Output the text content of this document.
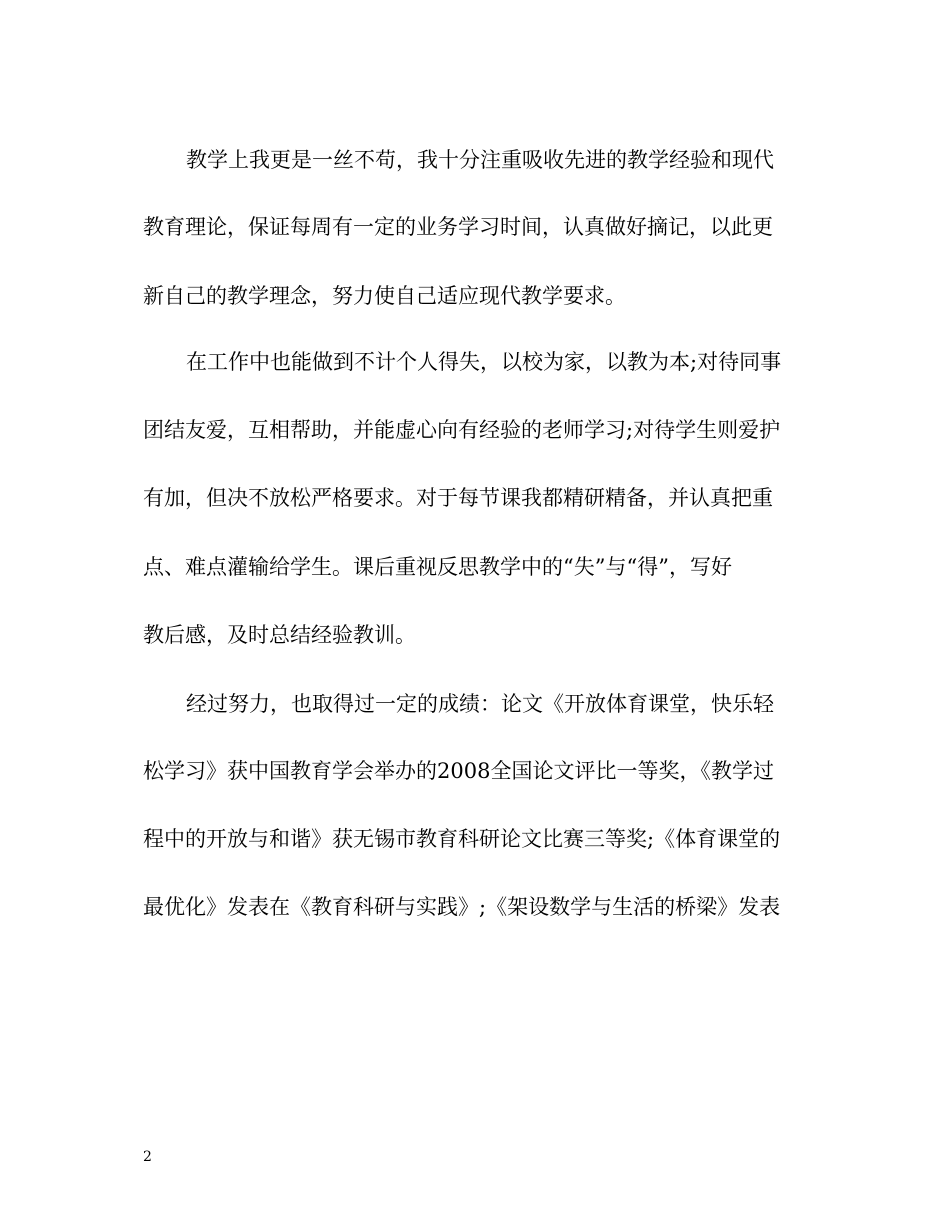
教学上我更是一丝不苟，我十分注重吸收先进的教学经验和现代
教育理论，保证每周有一定的业务学习时间，认真做好摘记，以此更
新自己的教学理念，努力使自己适应现代教学要求。
在工作中也能做到不计个人得失，以校为家，以教为本;对待同事
团结友爱，互相帮助，并能虚心向有经验的老师学习;对待学生则爱护
有加，但决不放松严格要求。对于每节课我都精研精备，并认真把重
点、难点灌输给学生。课后重视反思教学中的“失”与“得”，写好
教后感，及时总结经验教训。
经过努力，也取得过一定的成绩：论文《开放体育课堂，快乐轻
松学习》获中国教育学会举办的2008全国论文评比一等奖，《教学过
程中的开放与和谐》获无锡市教育科研论文比赛三等奖;《体育课堂的
最优化》发表在《教育科研与实践》;《架设数学与生活的桥梁》发表
2
